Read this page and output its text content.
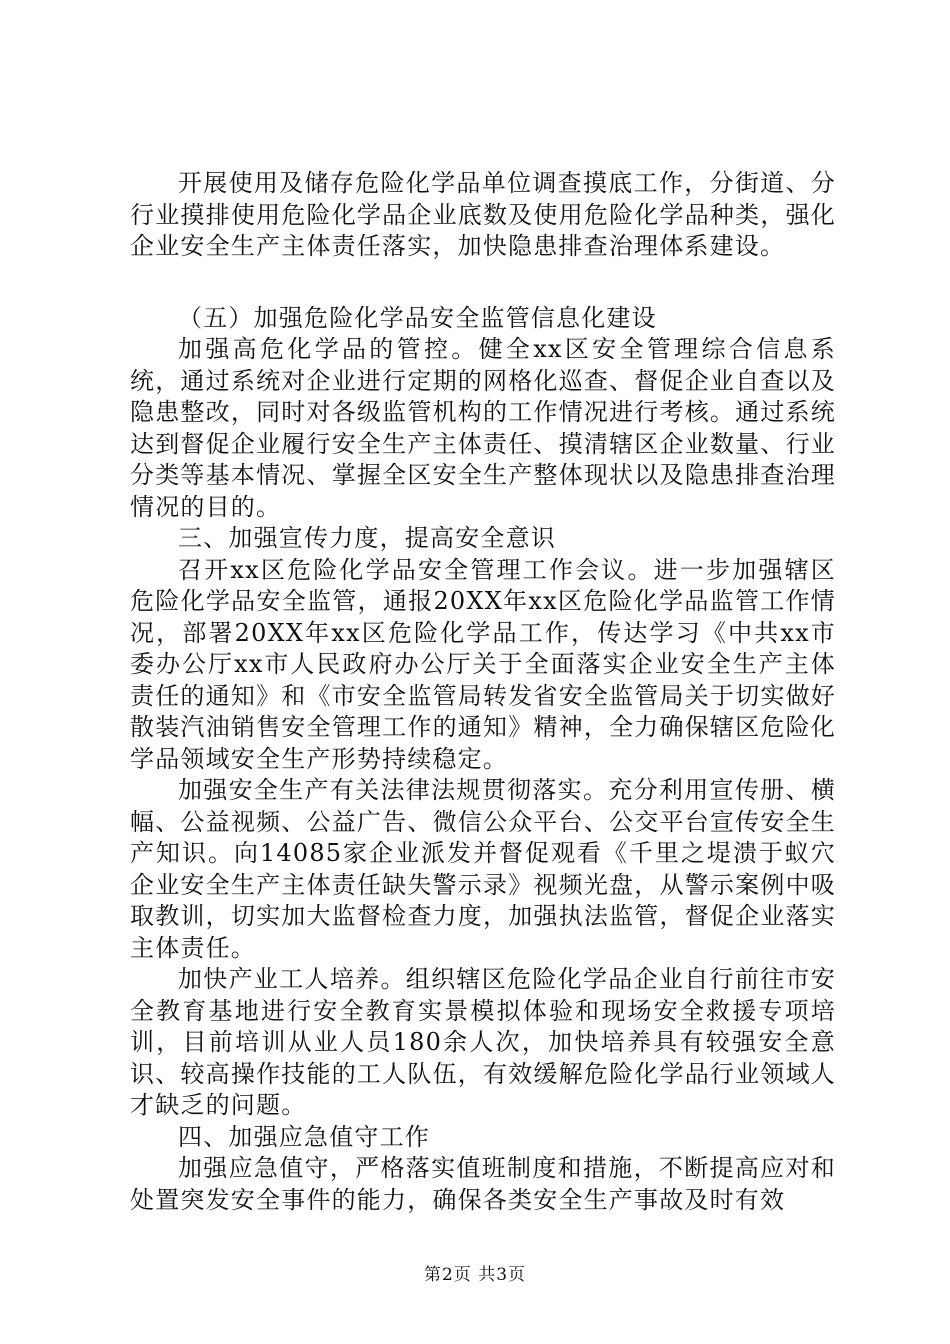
开展使用及储存危险化学品单位调查摸底工作，分街道、分行业摸排使用危险化学品企业底数及使用危险化学品种类，强化企业安全生产主体责任落实，加快隐患排查治理体系建设。

（五）加强危险化学品安全监管信息化建设

加强高危化学品的管控。健全xx区安全管理综合信息系统，通过系统对企业进行定期的网格化巡查、督促企业自查以及隐患整改，同时对各级监管机构的工作情况进行考核。通过系统达到督促企业履行安全生产主体责任、摸清辖区企业数量、行业分类等基本情况、掌握全区安全生产整体现状以及隐患排查治理情况的目的。

三、加强宣传力度，提高安全意识

召开xx区危险化学品安全管理工作会议。进一步加强辖区危险化学品安全监管，通报20XX年xx区危险化学品监管工作情况，部署20XX年xx区危险化学品工作，传达学习《中共xx市委办公厅xx市人民政府办公厅关于全面落实企业安全生产主体责任的通知》和《市安全监管局转发省安全监管局关于切实做好散装汽油销售安全管理工作的通知》精神，全力确保辖区危险化学品领域安全生产形势持续稳定。

加强安全生产有关法律法规贯彻落实。充分利用宣传册、横幅、公益视频、公益广告、微信公众平台、公交平台宣传安全生产知识。向14085家企业派发并督促观看《千里之堤溃于蚁穴企业安全生产主体责任缺失警示录》视频光盘，从警示案例中吸取教训，切实加大监督检查力度，加强执法监管，督促企业落实主体责任。

加快产业工人培养。组织辖区危险化学品企业自行前往市安全教育基地进行安全教育实景模拟体验和现场安全救援专项培训，目前培训从业人员180余人次，加快培养具有较强安全意识、较高操作技能的工人队伍，有效缓解危险化学品行业领域人才缺乏的问题。

四、加强应急值守工作

加强应急值守，严格落实值班制度和措施，不断提高应对和处置突发安全事件的能力，确保各类安全生产事故及时有效

第2页 共3页
